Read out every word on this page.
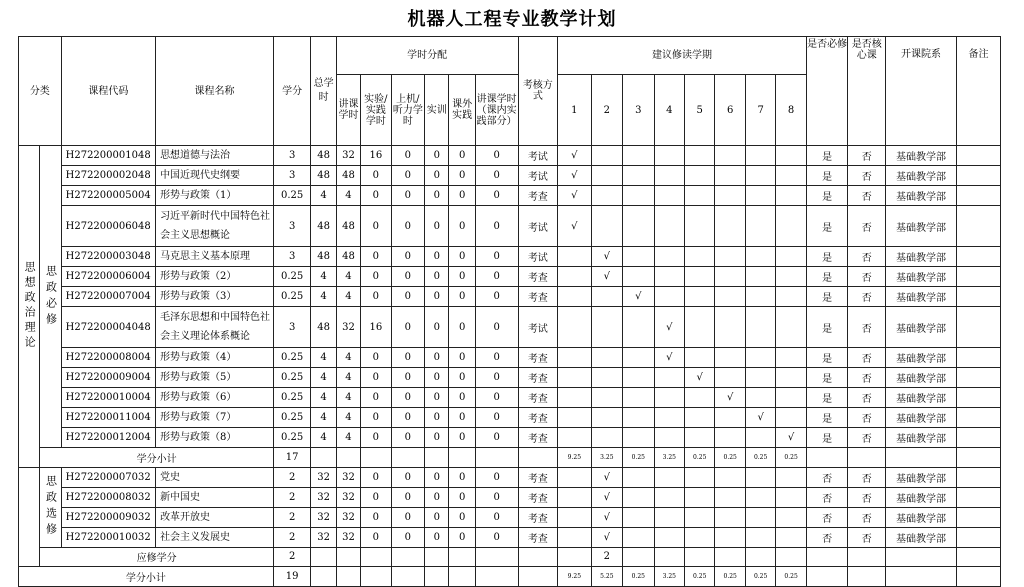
机器人工程专业教学计划
分类		课程代码	课程名称	学分	总学时	学时分配						考核方式	建议修读学期								是否必修	是否核心课	开课院系	备注
						讲课学时	实验/实践学时	上机/听力学时	实训	课外实践	讲课学时（课内实践部分）		1	2	3	4	5	6	7	8				
思想政治理论	思政必修	H272200001048	思想道德与法治	3	48	32	16	0	0	0	0	考试	√								是	否	基础教学部	
		H272200002048	中国近现代史纲要	3	48	48	0	0	0	0	0	考试	√								是	否	基础教学部	
		H272200005004	形势与政策（1）	0.25	4	4	0	0	0	0	0	考查	√								是	否	基础教学部	
		H272200006048	习近平新时代中国特色社会主义思想概论	3	48	48	0	0	0	0	0	考试	√								是	否	基础教学部	
		H272200003048	马克思主义基本原理	3	48	48	0	0	0	0	0	考试		√							是	否	基础教学部	
		H272200006004	形势与政策（2）	0.25	4	4	0	0	0	0	0	考查		√							是	否	基础教学部	
		H272200007004	形势与政策（3）	0.25	4	4	0	0	0	0	0	考查			√						是	否	基础教学部	
		H272200004048	毛泽东思想和中国特色社会主义理论体系概论	3	48	32	16	0	0	0	0	考试				√					是	否	基础教学部	
		H272200008004	形势与政策（4）	0.25	4	4	0	0	0	0	0	考查				√					是	否	基础教学部	
		H272200009004	形势与政策（5）	0.25	4	4	0	0	0	0	0	考查					√				是	否	基础教学部	
		H272200010004	形势与政策（6）	0.25	4	4	0	0	0	0	0	考查						√			是	否	基础教学部	
		H272200011004	形势与政策（7）	0.25	4	4	0	0	0	0	0	考查							√		是	否	基础教学部	
		H272200012004	形势与政策（8）	0.25	4	4	0	0	0	0	0	考查								√	是	否	基础教学部	
	学分小计			17									9.25	3.25	0.25	3.25	0.25	0.25	0.25	0.25				
	思政选修	H272200007032	党史	2	32	32	0	0	0	0	0	考查		√							否	否	基础教学部	
		H272200008032	新中国史	2	32	32	0	0	0	0	0	考查		√							否	否	基础教学部	
		H272200009032	改革开放史	2	32	32	0	0	0	0	0	考查		√							否	否	基础教学部	
		H272200010032	社会主义发展史	2	32	32	0	0	0	0	0	考查		√							否	否	基础教学部	
	应修学分			2										2										
学分小计				19									9.25	5.25	0.25	3.25	0.25	0.25	0.25	0.25				
